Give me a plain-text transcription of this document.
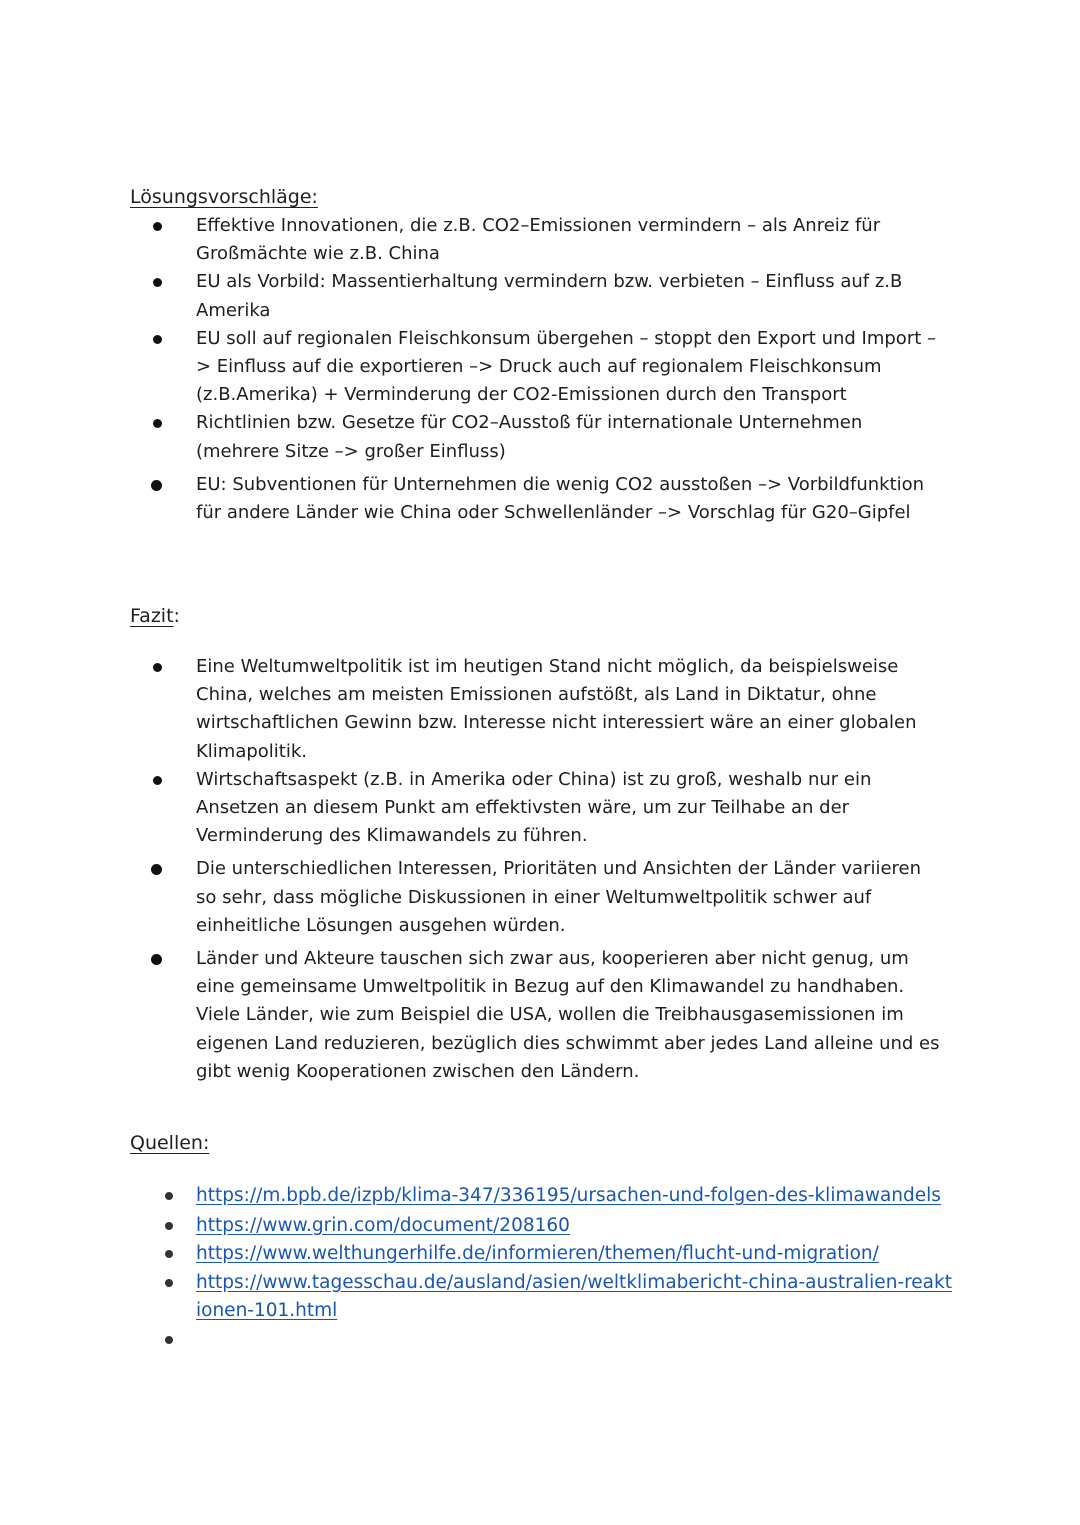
Lösungsvorschläge:
Effektive Innovationen, die z.B. CO2–Emissionen vermindern – als Anreiz für Großmächte wie z.B. China
EU als Vorbild: Massentierhaltung vermindern bzw. verbieten – Einfluss auf z.B Amerika
EU soll auf regionalen Fleischkonsum übergehen – stoppt den Export und Import –> Einfluss auf die exportieren –> Druck auch auf regionalem Fleischkonsum (z.B.Amerika) + Verminderung der CO2-Emissionen durch den Transport
Richtlinien bzw. Gesetze für CO2–Ausstoß für internationale Unternehmen (mehrere Sitze –> großer Einfluss)
EU: Subventionen für Unternehmen die wenig CO2 ausstoßen –> Vorbildfunktion für andere Länder wie China oder Schwellenländer –> Vorschlag für G20–Gipfel
Fazit:
Eine Weltumweltpolitik ist im heutigen Stand nicht möglich, da beispielsweise China, welches am meisten Emissionen aufstößt, als Land in Diktatur, ohne wirtschaftlichen Gewinn bzw. Interesse nicht interessiert wäre an einer globalen Klimapolitik.
Wirtschaftsaspekt (z.B. in Amerika oder China) ist zu groß, weshalb nur ein Ansetzen an diesem Punkt am effektivsten wäre, um zur Teilhabe an der Verminderung des Klimawandels zu führen.
Die unterschiedlichen Interessen, Prioritäten und Ansichten der Länder variieren so sehr, dass mögliche Diskussionen in einer Weltumweltpolitik schwer auf einheitliche Lösungen ausgehen würden.
Länder und Akteure tauschen sich zwar aus, kooperieren aber nicht genug, um eine gemeinsame Umweltpolitik in Bezug auf den Klimawandel zu handhaben. Viele Länder, wie zum Beispiel die USA, wollen die Treibhausgasemissionen im eigenen Land reduzieren, bezüglich dies schwimmt aber jedes Land alleine und es gibt wenig Kooperationen zwischen den Ländern.
Quellen:
https://m.bpb.de/izpb/klima-347/336195/ursachen-und-folgen-des-klimawandels
https://www.grin.com/document/208160
https://www.welthungerhilfe.de/informieren/themen/flucht-und-migration/
https://www.tagesschau.de/ausland/asien/weltklimabericht-china-australien-reaktionen-101.html
